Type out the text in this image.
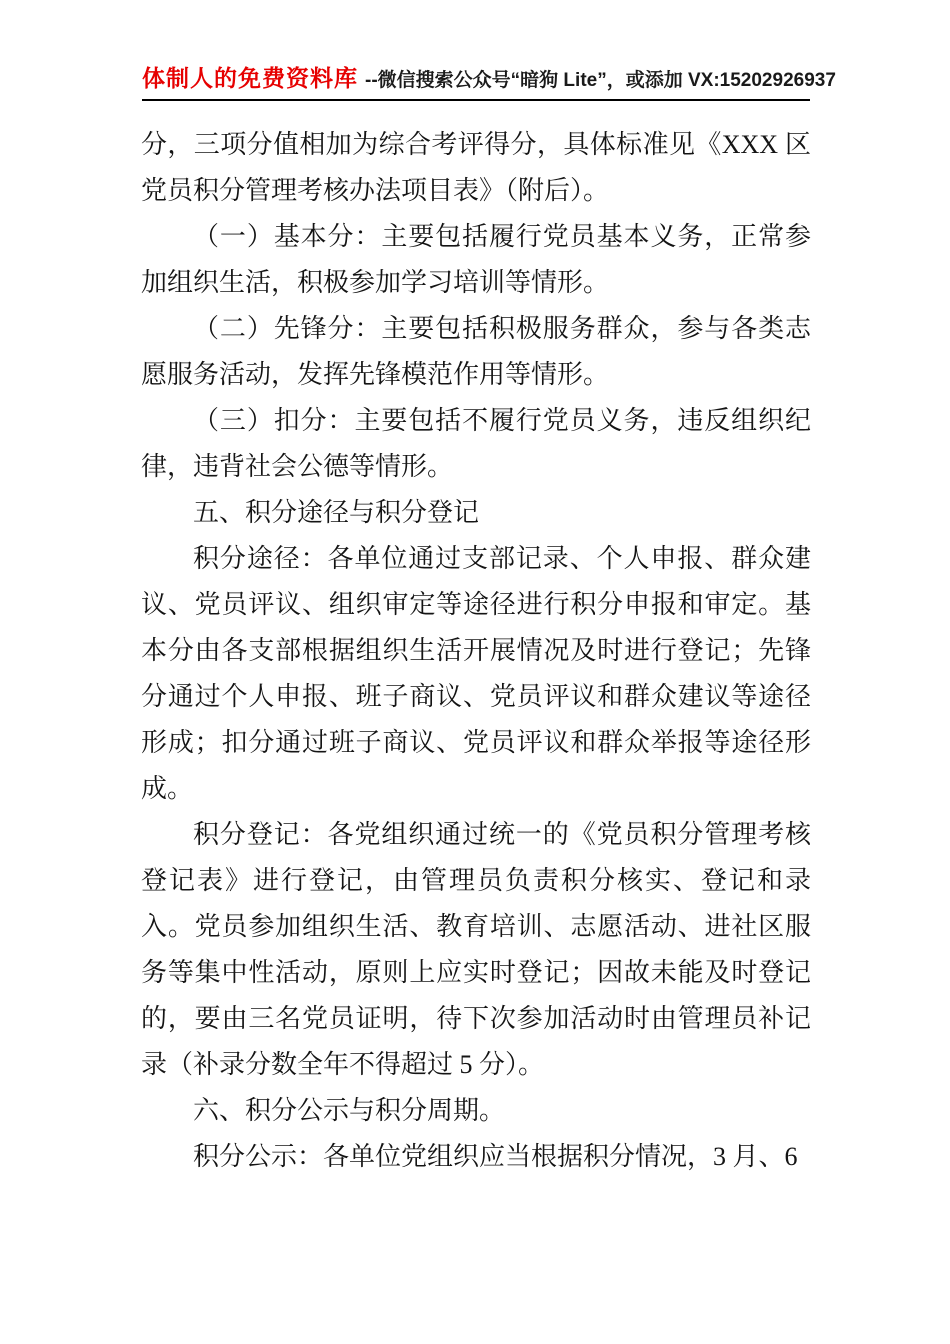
体制人的免费资料库 --微信搜索公众号“暗狗 Lite”，或添加 VX:15202926937

分，三项分值相加为综合考评得分，具体标准见《XXX 区党员积分管理考核办法项目表》（附后）。

（一）基本分：主要包括履行党员基本义务，正常参加组织生活，积极参加学习培训等情形。

（二）先锋分：主要包括积极服务群众，参与各类志愿服务活动，发挥先锋模范作用等情形。

（三）扣分：主要包括不履行党员义务，违反组织纪律，违背社会公德等情形。

五、积分途径与积分登记

积分途径：各单位通过支部记录、个人申报、群众建议、党员评议、组织审定等途径进行积分申报和审定。基本分由各支部根据组织生活开展情况及时进行登记；先锋分通过个人申报、班子商议、党员评议和群众建议等途径形成；扣分通过班子商议、党员评议和群众举报等途径形成。

积分登记：各党组织通过统一的《党员积分管理考核登记表》进行登记，由管理员负责积分核实、登记和录入。党员参加组织生活、教育培训、志愿活动、进社区服务等集中性活动，原则上应实时登记；因故未能及时登记的，要由三名党员证明，待下次参加活动时由管理员补记录（补录分数全年不得超过 5 分）。

六、积分公示与积分周期。

积分公示：各单位党组织应当根据积分情况，3 月、6
